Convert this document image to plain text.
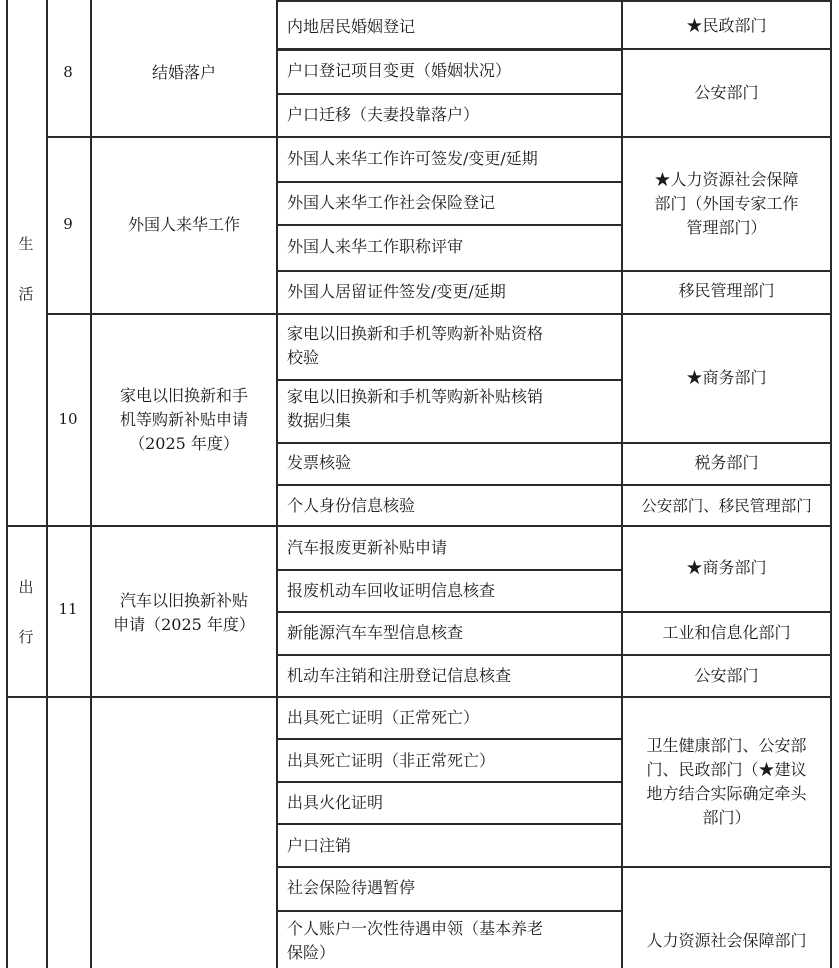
生
活
出
行
8
9
10
11
结婚落户
外国人来华工作
家电以旧换新和手
机等购新补贴申请
（2025 年度）
汽车以旧换新补贴
申请（2025 年度）
内地居民婚姻登记
户口登记项目变更（婚姻状况）
户口迁移（夫妻投靠落户）
外国人来华工作许可签发/变更/延期
外国人来华工作社会保险登记
外国人来华工作职称评审
外国人居留证件签发/变更/延期
家电以旧换新和手机等购新补贴资格
校验
家电以旧换新和手机等购新补贴核销
数据归集
发票核验
个人身份信息核验
汽车报废更新补贴申请
报废机动车回收证明信息核查
新能源汽车车型信息核查
机动车注销和注册登记信息核查
出具死亡证明（正常死亡）
出具死亡证明（非正常死亡）
出具火化证明
户口注销
社会保险待遇暂停
个人账户一次性待遇申领（基本养老
保险）
★民政部门
公安部门
★人力资源社会保障
部门（外国专家工作
管理部门）
移民管理部门
★商务部门
税务部门
公安部门、移民管理部门
★商务部门
工业和信息化部门
公安部门
卫生健康部门、公安部
门、民政部门（★建议
地方结合实际确定牵头
部门）
人力资源社会保障部门
